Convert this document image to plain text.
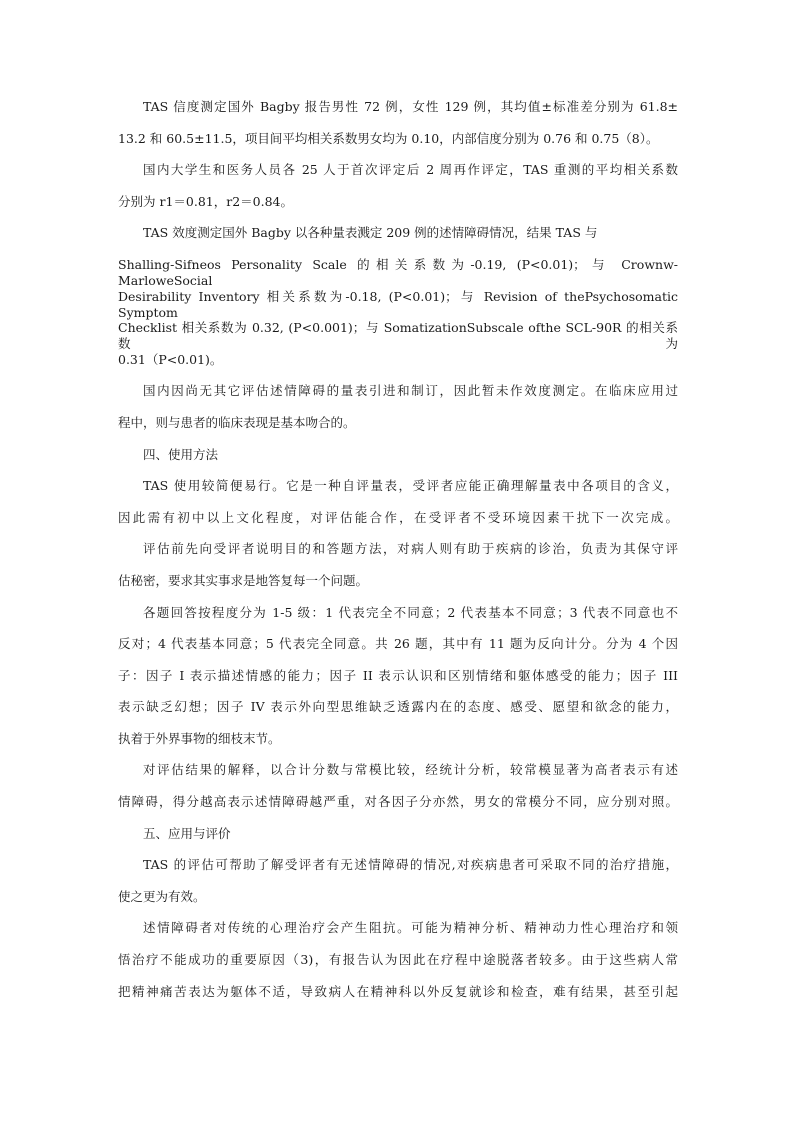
TAS 信度测定国外 Bagby 报告男性 72 例，女性 129 例，其均值±标准差分别为 61.8±
13.2 和 60.5±11.5，项目间平均相关系数男女均为 0.10，内部信度分别为 0.76 和 0.75（8）。
国内大学生和医务人员各 25 人于首次评定后 2 周再作评定，TAS 重测的平均相关系数
分别为 r1＝0.81，r2＝0.84。
TAS 效度测定国外 Bagby 以各种量表溅定 209 例的述情障碍情况，结果 TAS 与
Shalling-Sifneos Personality Scale 的相关系数为-0.19, (P<0.01)；与 Crownw-MarloweSocial
Desirability Inventory 相关系数为-0.18, (P<0.01)；与 Revision of thePsychosomatic Symptom
Checklist 相关系数为 0.32, (P<0.001)；与 SomatizationSubscale ofthe SCL-90R 的相关系数为
0.31（P<0.01)。
国内因尚无其它评估述情障碍的量表引进和制订，因此暂未作效度测定。在临床应用过
程中，则与患者的临床表现是基本吻合的。
四、使用方法
TAS 使用较简便易行。它是一种自评量表，受评者应能正确理解量表中各项目的含义，
因此需有初中以上文化程度，对评估能合作，在受评者不受环境因素干扰下一次完成。
评估前先向受评者说明目的和答题方法，对病人则有助于疾病的诊治，负责为其保守评
估秘密，要求其实事求是地答复每一个问题。
各题回答按程度分为 1-5 级：1 代表完全不同意；2 代表基本不同意；3 代表不同意也不
反对；4 代表基本同意；5 代表完全同意。共 26 题，其中有 11 题为反向计分。分为 4 个因
子：因子 I 表示描述情感的能力；因子 II 表示认识和区别情绪和躯体感受的能力；因子 III
表示缺乏幻想；因子 IV 表示外向型思维缺乏透露内在的态度、感受、愿望和欲念的能力，
执着于外界事物的细枝末节。
对评估结果的解释，以合计分数与常模比较，经统计分析，较常模显著为高者表示有述
情障碍，得分越高表示述情障碍越严重，对各因子分亦然，男女的常模分不同，应分别对照。
五、应用与评价
TAS 的评估可帮助了解受评者有无述情障碍的情况,对疾病患者可采取不同的治疗措施，
使之更为有效。
述情障碍者对传统的心理治疗会产生阻抗。可能为精神分析、精神动力性心理治疗和领
悟治疗不能成功的重要原因（3)，有报告认为因此在疗程中途脱落者较多。由于这些病人常
把精神痛苦表达为躯体不适，导致病人在精神科以外反复就诊和检查，难有结果，甚至引起
